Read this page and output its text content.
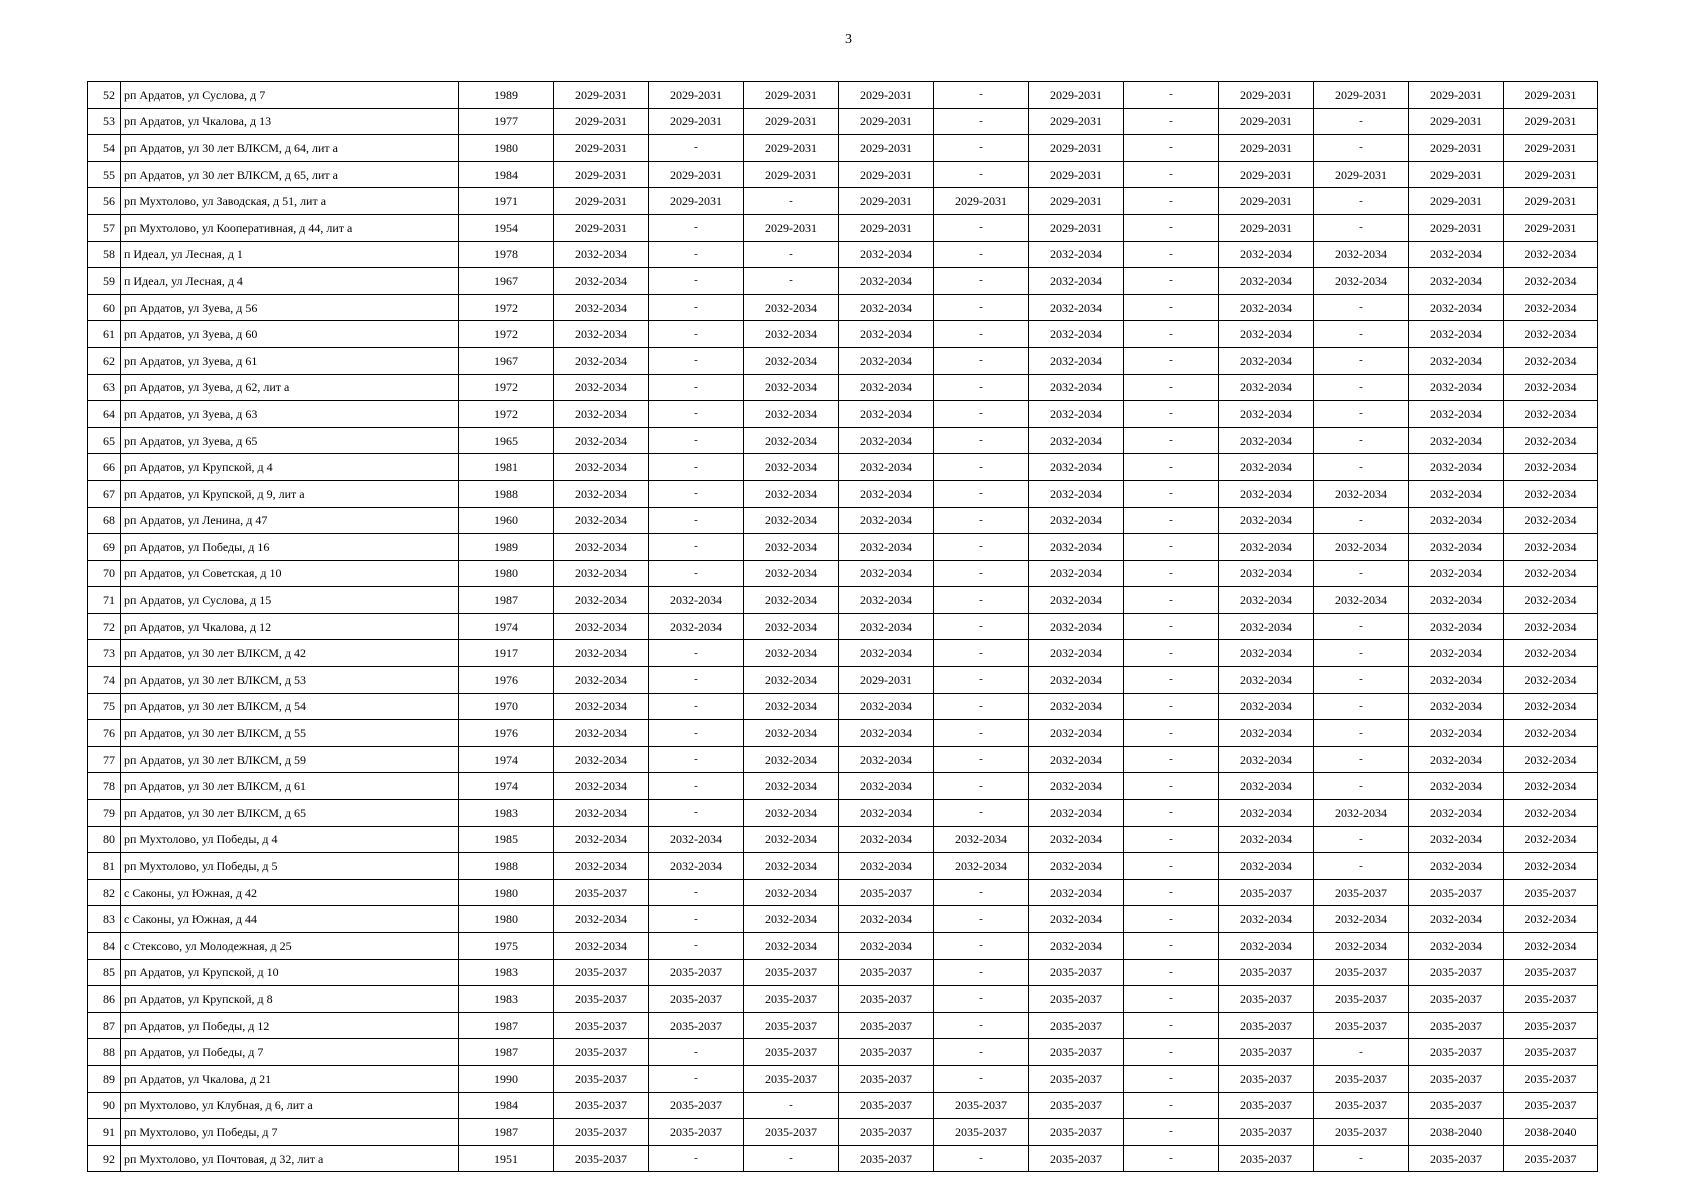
3
52	рп Ардатов, ул Суслова, д 7	1989	2029-2031	2029-2031	2029-2031	2029-2031	-	2029-2031	-	2029-2031	2029-2031	2029-2031	2029-2031
53	рп Ардатов, ул Чкалова, д 13	1977	2029-2031	2029-2031	2029-2031	2029-2031	-	2029-2031	-	2029-2031	-	2029-2031	2029-2031
54	рп Ардатов, ул 30 лет ВЛКСМ, д 64, лит а	1980	2029-2031	-	2029-2031	2029-2031	-	2029-2031	-	2029-2031	-	2029-2031	2029-2031
55	рп Ардатов, ул 30 лет ВЛКСМ, д 65, лит а	1984	2029-2031	2029-2031	2029-2031	2029-2031	-	2029-2031	-	2029-2031	2029-2031	2029-2031	2029-2031
56	рп Мухтолово, ул Заводская, д 51, лит а	1971	2029-2031	2029-2031	-	2029-2031	2029-2031	2029-2031	-	2029-2031	-	2029-2031	2029-2031
57	рп Мухтолово, ул Кооперативная, д 44, лит а	1954	2029-2031	-	2029-2031	2029-2031	-	2029-2031	-	2029-2031	-	2029-2031	2029-2031
58	п Идеал, ул Лесная, д 1	1978	2032-2034	-	-	2032-2034	-	2032-2034	-	2032-2034	2032-2034	2032-2034	2032-2034
59	п Идеал, ул Лесная, д 4	1967	2032-2034	-	-	2032-2034	-	2032-2034	-	2032-2034	2032-2034	2032-2034	2032-2034
60	рп Ардатов, ул Зуева, д 56	1972	2032-2034	-	2032-2034	2032-2034	-	2032-2034	-	2032-2034	-	2032-2034	2032-2034
61	рп Ардатов, ул Зуева, д 60	1972	2032-2034	-	2032-2034	2032-2034	-	2032-2034	-	2032-2034	-	2032-2034	2032-2034
62	рп Ардатов, ул Зуева, д 61	1967	2032-2034	-	2032-2034	2032-2034	-	2032-2034	-	2032-2034	-	2032-2034	2032-2034
63	рп Ардатов, ул Зуева, д 62, лит а	1972	2032-2034	-	2032-2034	2032-2034	-	2032-2034	-	2032-2034	-	2032-2034	2032-2034
64	рп Ардатов, ул Зуева, д 63	1972	2032-2034	-	2032-2034	2032-2034	-	2032-2034	-	2032-2034	-	2032-2034	2032-2034
65	рп Ардатов, ул Зуева, д 65	1965	2032-2034	-	2032-2034	2032-2034	-	2032-2034	-	2032-2034	-	2032-2034	2032-2034
66	рп Ардатов, ул Крупской, д 4	1981	2032-2034	-	2032-2034	2032-2034	-	2032-2034	-	2032-2034	-	2032-2034	2032-2034
67	рп Ардатов, ул Крупской, д 9, лит а	1988	2032-2034	-	2032-2034	2032-2034	-	2032-2034	-	2032-2034	2032-2034	2032-2034	2032-2034
68	рп Ардатов, ул Ленина, д 47	1960	2032-2034	-	2032-2034	2032-2034	-	2032-2034	-	2032-2034	-	2032-2034	2032-2034
69	рп Ардатов, ул Победы, д 16	1989	2032-2034	-	2032-2034	2032-2034	-	2032-2034	-	2032-2034	2032-2034	2032-2034	2032-2034
70	рп Ардатов, ул Советская, д 10	1980	2032-2034	-	2032-2034	2032-2034	-	2032-2034	-	2032-2034	-	2032-2034	2032-2034
71	рп Ардатов, ул Суслова, д 15	1987	2032-2034	2032-2034	2032-2034	2032-2034	-	2032-2034	-	2032-2034	2032-2034	2032-2034	2032-2034
72	рп Ардатов, ул Чкалова, д 12	1974	2032-2034	2032-2034	2032-2034	2032-2034	-	2032-2034	-	2032-2034	-	2032-2034	2032-2034
73	рп Ардатов, ул 30 лет ВЛКСМ, д 42	1917	2032-2034	-	2032-2034	2032-2034	-	2032-2034	-	2032-2034	-	2032-2034	2032-2034
74	рп Ардатов, ул 30 лет ВЛКСМ, д 53	1976	2032-2034	-	2032-2034	2029-2031	-	2032-2034	-	2032-2034	-	2032-2034	2032-2034
75	рп Ардатов, ул 30 лет ВЛКСМ, д 54	1970	2032-2034	-	2032-2034	2032-2034	-	2032-2034	-	2032-2034	-	2032-2034	2032-2034
76	рп Ардатов, ул 30 лет ВЛКСМ, д 55	1976	2032-2034	-	2032-2034	2032-2034	-	2032-2034	-	2032-2034	-	2032-2034	2032-2034
77	рп Ардатов, ул 30 лет ВЛКСМ, д 59	1974	2032-2034	-	2032-2034	2032-2034	-	2032-2034	-	2032-2034	-	2032-2034	2032-2034
78	рп Ардатов, ул 30 лет ВЛКСМ, д 61	1974	2032-2034	-	2032-2034	2032-2034	-	2032-2034	-	2032-2034	-	2032-2034	2032-2034
79	рп Ардатов, ул 30 лет ВЛКСМ, д 65	1983	2032-2034	-	2032-2034	2032-2034	-	2032-2034	-	2032-2034	2032-2034	2032-2034	2032-2034
80	рп Мухтолово, ул Победы, д 4	1985	2032-2034	2032-2034	2032-2034	2032-2034	2032-2034	2032-2034	-	2032-2034	-	2032-2034	2032-2034
81	рп Мухтолово, ул Победы, д 5	1988	2032-2034	2032-2034	2032-2034	2032-2034	2032-2034	2032-2034	-	2032-2034	-	2032-2034	2032-2034
82	с Саконы, ул Южная, д 42	1980	2035-2037	-	2032-2034	2035-2037	-	2032-2034	-	2035-2037	2035-2037	2035-2037	2035-2037
83	с Саконы, ул Южная, д 44	1980	2032-2034	-	2032-2034	2032-2034	-	2032-2034	-	2032-2034	2032-2034	2032-2034	2032-2034
84	с Стексово, ул Молодежная, д 25	1975	2032-2034	-	2032-2034	2032-2034	-	2032-2034	-	2032-2034	2032-2034	2032-2034	2032-2034
85	рп Ардатов, ул Крупской, д 10	1983	2035-2037	2035-2037	2035-2037	2035-2037	-	2035-2037	-	2035-2037	2035-2037	2035-2037	2035-2037
86	рп Ардатов, ул Крупской, д 8	1983	2035-2037	2035-2037	2035-2037	2035-2037	-	2035-2037	-	2035-2037	2035-2037	2035-2037	2035-2037
87	рп Ардатов, ул Победы, д 12	1987	2035-2037	2035-2037	2035-2037	2035-2037	-	2035-2037	-	2035-2037	2035-2037	2035-2037	2035-2037
88	рп Ардатов, ул Победы, д 7	1987	2035-2037	-	2035-2037	2035-2037	-	2035-2037	-	2035-2037	-	2035-2037	2035-2037
89	рп Ардатов, ул Чкалова, д 21	1990	2035-2037	-	2035-2037	2035-2037	-	2035-2037	-	2035-2037	2035-2037	2035-2037	2035-2037
90	рп Мухтолово, ул Клубная, д 6, лит а	1984	2035-2037	2035-2037	-	2035-2037	2035-2037	2035-2037	-	2035-2037	2035-2037	2035-2037	2035-2037
91	рп Мухтолово, ул Победы, д 7	1987	2035-2037	2035-2037	2035-2037	2035-2037	2035-2037	2035-2037	-	2035-2037	2035-2037	2038-2040	2038-2040
92	рп Мухтолово, ул Почтовая, д 32, лит а	1951	2035-2037	-	-	2035-2037	-	2035-2037	-	2035-2037	-	2035-2037	2035-2037
